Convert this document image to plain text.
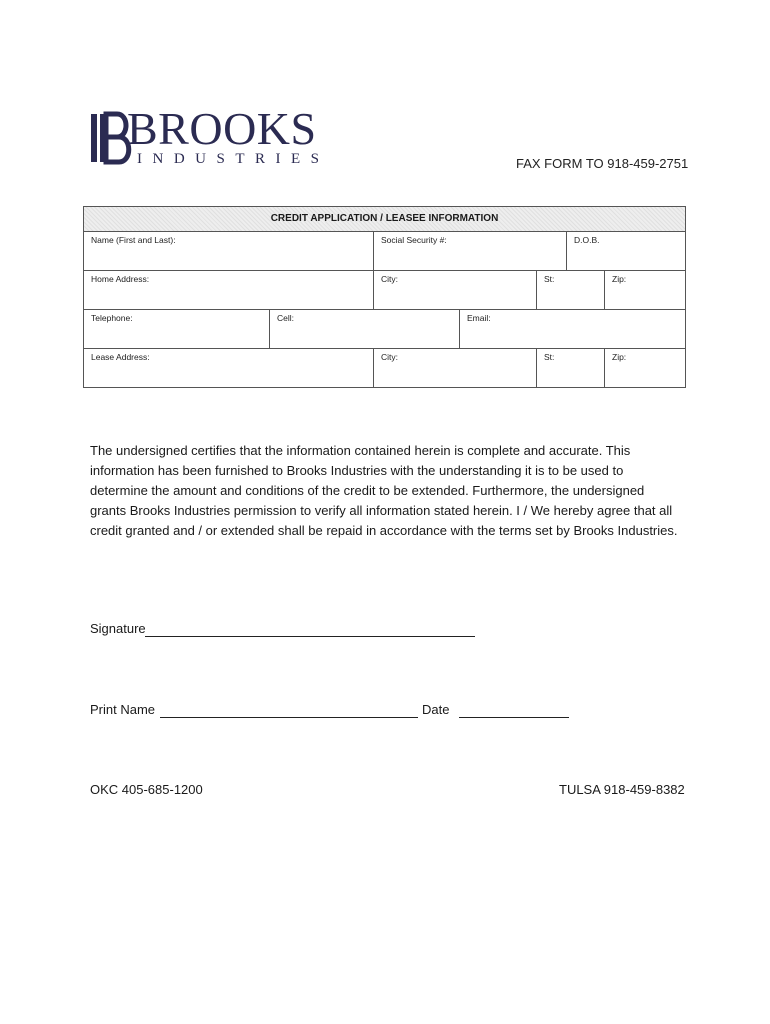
BROOKS
INDUSTRIES	FAX FORM TO 918-459-2751
CREDIT APPLICATION / LEASEE INFORMATION
Name (First and Last):	Social Security #:	D.O.B.
Home Address:	City:	St:	Zip:
Telephone:	Cell:	Email:
Lease Address:	City:	St:	Zip:

The undersigned certifies that the information contained herein is complete and accurate. This

information has been furnished to Brooks Industries with the understanding it is to be used to

determine the amount and conditions of the credit to be extended. Furthermore, the undersigned

grants Brooks Industries permission to verify all information stated herein. I / We hereby agree that all

credit granted and / or extended shall be repaid in accordance with the terms set by Brooks Industries.

Signature
Print Name	Date
OKC 405-685-1200	TULSA 918-459-8382
